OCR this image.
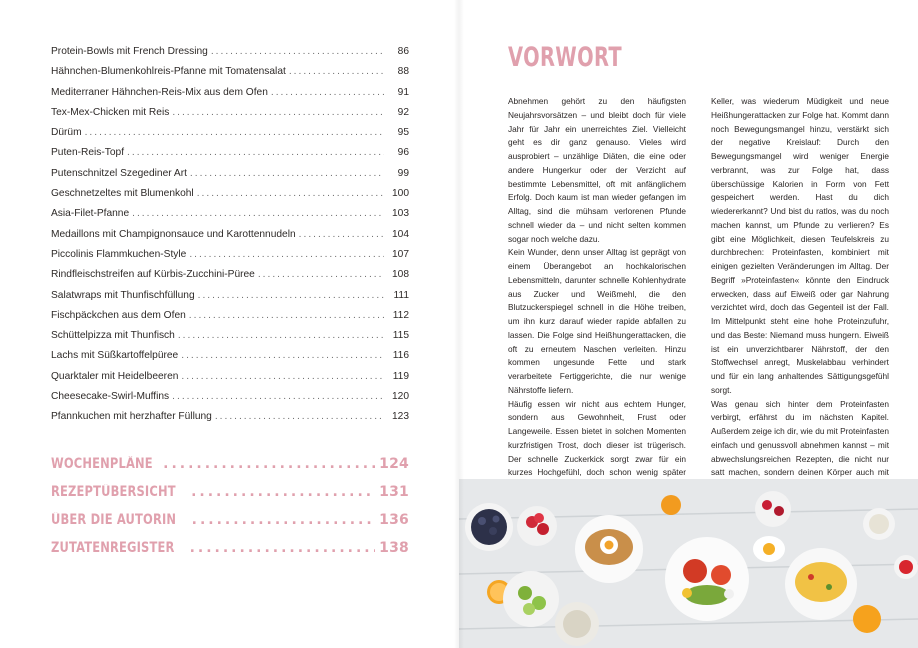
Protein-Bowls mit French Dressing .....	86
Hähnchen-Blumenkohlreis-Pfanne mit Tomatensalat .....	88
Mediterraner Hähnchen-Reis-Mix aus dem Ofen .....	91
Tex-Mex-Chicken mit Reis .....	92
Dürüm .....	95
Puten-Reis-Topf .....	96
Putenschnitzel Szegediner Art .....	99
Geschnetzeltes mit Blumenkohl .....	100
Asia-Filet-Pfanne .....	103
Medaillons mit Champignonsauce und Karottennudeln .....	104
Piccolinis Flammkuchen-Style .....	107
Rindfleischstreifen auf Kürbis-Zucchini-Püree .....	108
Salatwraps mit Thunfischfüllung .....	111
Fischpäckchen aus dem Ofen .....	112
Schüttelpizza mit Thunfisch .....	115
Lachs mit Süßkartoffelpüree .....	116
Quarktaler mit Heidelbeeren .....	119
Cheesecake-Swirl-Muffins .....	120
Pfannkuchen mit herzhafter Füllung .....	123
WOCHENPLÄNE .....	124
REZEPTÜBERSICHT .....	131
ÜBER DIE AUTORIN .....	136
ZUTATENREGISTER .....	138
VORWORT

Abnehmen gehört zu den häufigsten Neujahrsvorsätzen – und bleibt doch für viele Jahr für Jahr ein unerreichtes Ziel. Vielleicht geht es dir ganz genauso. Vieles wird ausprobiert – unzählige Diäten, die eine oder andere Hungerkur oder der Verzicht auf bestimmte Lebensmittel, oft mit anfänglichem Erfolg. Doch kaum ist man wieder gefangen im Alltag, sind die mühsam verlorenen Pfunde schnell wieder da – und nicht selten kommen sogar noch welche dazu.

Kein Wunder, denn unser Alltag ist geprägt von einem Überangebot an hochkalorischen Lebensmitteln, darunter schnelle Kohlenhydrate aus Zucker und Weißmehl, die den Blutzuckerspiegel schnell in die Höhe treiben, um ihn kurz darauf wieder rapide abfallen zu lassen. Die Folge sind Heißhungerattacken, die oft zu erneutem Naschen verleiten. Hinzu kommen ungesunde Fette und stark verarbeitete Fertiggerichte, die nur wenige Nährstoffe liefern.

Häufig essen wir nicht aus echtem Hunger, sondern aus Gewohnheit, Frust oder Langeweile. Essen bietet in solchen Momenten kurzfristigen Trost, doch dieser ist trügerisch. Der schnelle Zuckerkick sorgt zwar für ein kurzes Hochgefühl, doch schon wenig später

Keller, was wiederum Müdigkeit und neue Heißhungerattacken zur Folge hat. Kommt dann noch Bewegungsmangel hinzu, verstärkt sich der negative Kreislauf: Durch den Bewegungsmangel wird weniger Energie verbrannt, was zur Folge hat, dass überschüssige Kalorien in Form von Fett gespeichert werden. Hast du dich wiedererkannt? Und bist du ratlos, was du noch machen kannst, um Pfunde zu verlieren? Es gibt eine Möglichkeit, diesen Teufelskreis zu durchbrechen: Proteinfasten, kombiniert mit einigen gezielten Veränderungen im Alltag. Der Begriff »Proteinfasten« könnte den Eindruck erwecken, dass auf Eiweiß oder gar Nahrung verzichtet wird, doch das Gegenteil ist der Fall. Im Mittelpunkt steht eine hohe Proteinzufuhr, und das Beste: Niemand muss hungern. Eiweiß ist ein unverzichtbarer Nährstoff, der den Stoffwechsel anregt, Muskelabbau verhindert und für ein lang anhaltendes Sättigungsgefühl sorgt.

Was genau sich hinter dem Proteinfasten verbirgt, erfährst du im nächsten Kapitel. Außerdem zeige ich dir, wie du mit Proteinfasten einfach und genussvoll abnehmen kannst – mit abwechslungsreichen Rezepten, die nicht nur satt machen, sondern deinen Körper auch mit
